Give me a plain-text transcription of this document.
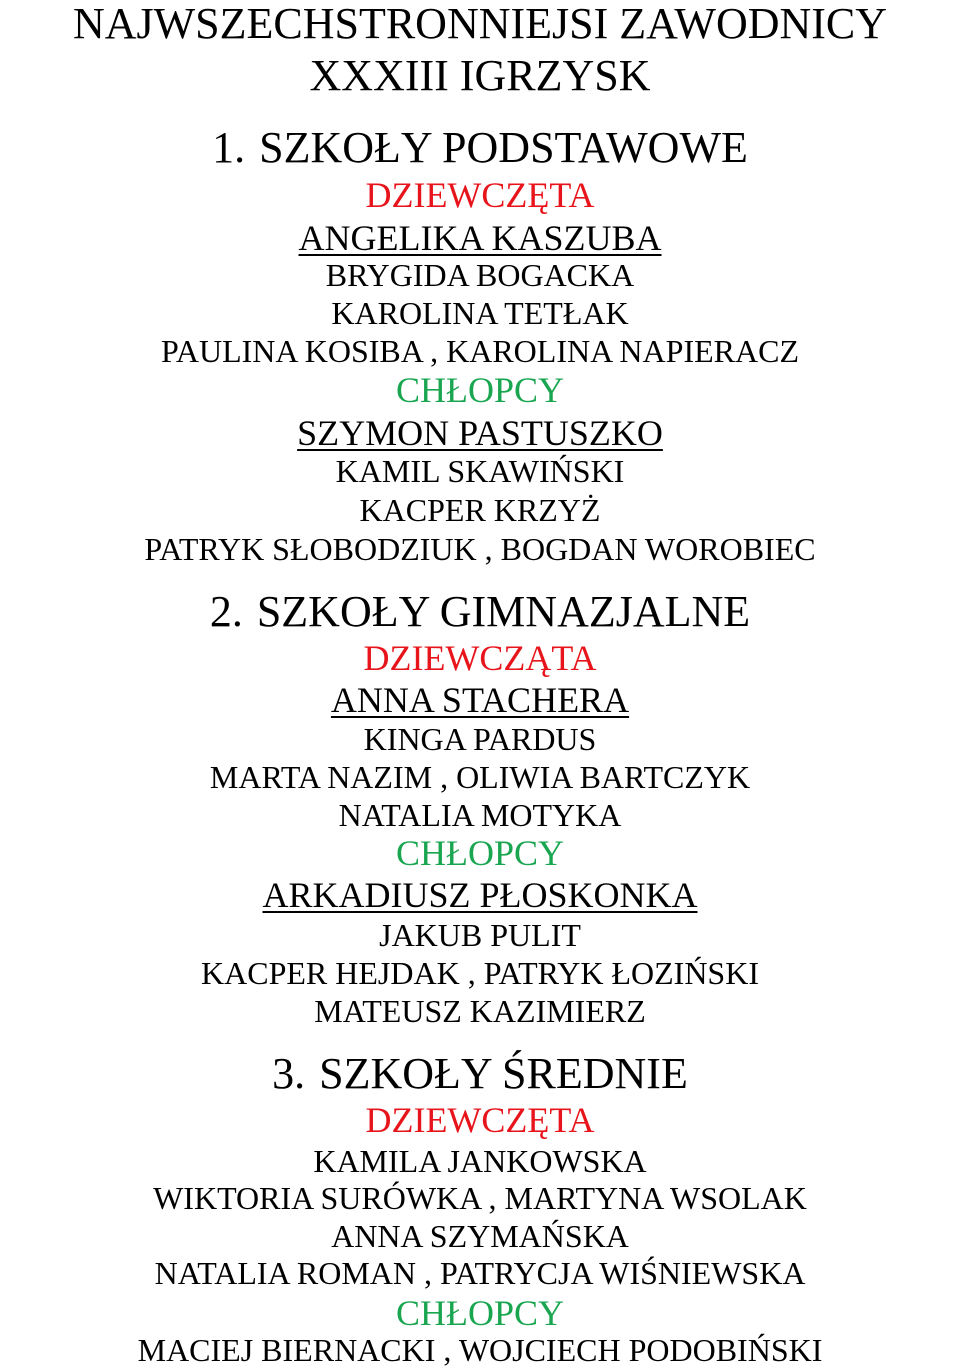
NAJWSZECHSTRONNIEJSI ZAWODNICY
XXXIII IGRZYSK
1. SZKOŁY PODSTAWOWE
DZIEWCZĘTA
ANGELIKA KASZUBA
BRYGIDA BOGACKA
KAROLINA TETŁAK
PAULINA KOSIBA , KAROLINA NAPIERACZ
CHŁOPCY
SZYMON PASTUSZKO
KAMIL SKAWIŃSKI
KACPER KRZYŻ
PATRYK SŁOBODZIUK , BOGDAN WOROBIEC
2. SZKOŁY GIMNAZJALNE
DZIEWCZĄTA
ANNA STACHERA
KINGA PARDUS
MARTA NAZIM , OLIWIA BARTCZYK
NATALIA MOTYKA
CHŁOPCY
ARKADIUSZ PŁOSKONKA
JAKUB PULIT
KACPER HEJDAK , PATRYK ŁOZIŃSKI
MATEUSZ KAZIMIERZ
3. SZKOŁY ŚREDNIE
DZIEWCZĘTA
KAMILA JANKOWSKA
WIKTORIA SURÓWKA , MARTYNA WSOLAK
ANNA SZYMAŃSKA
NATALIA ROMAN , PATRYCJA WIŚNIEWSKA
CHŁOPCY
MACIEJ BIERNACKI , WOJCIECH PODOBIŃSKI
